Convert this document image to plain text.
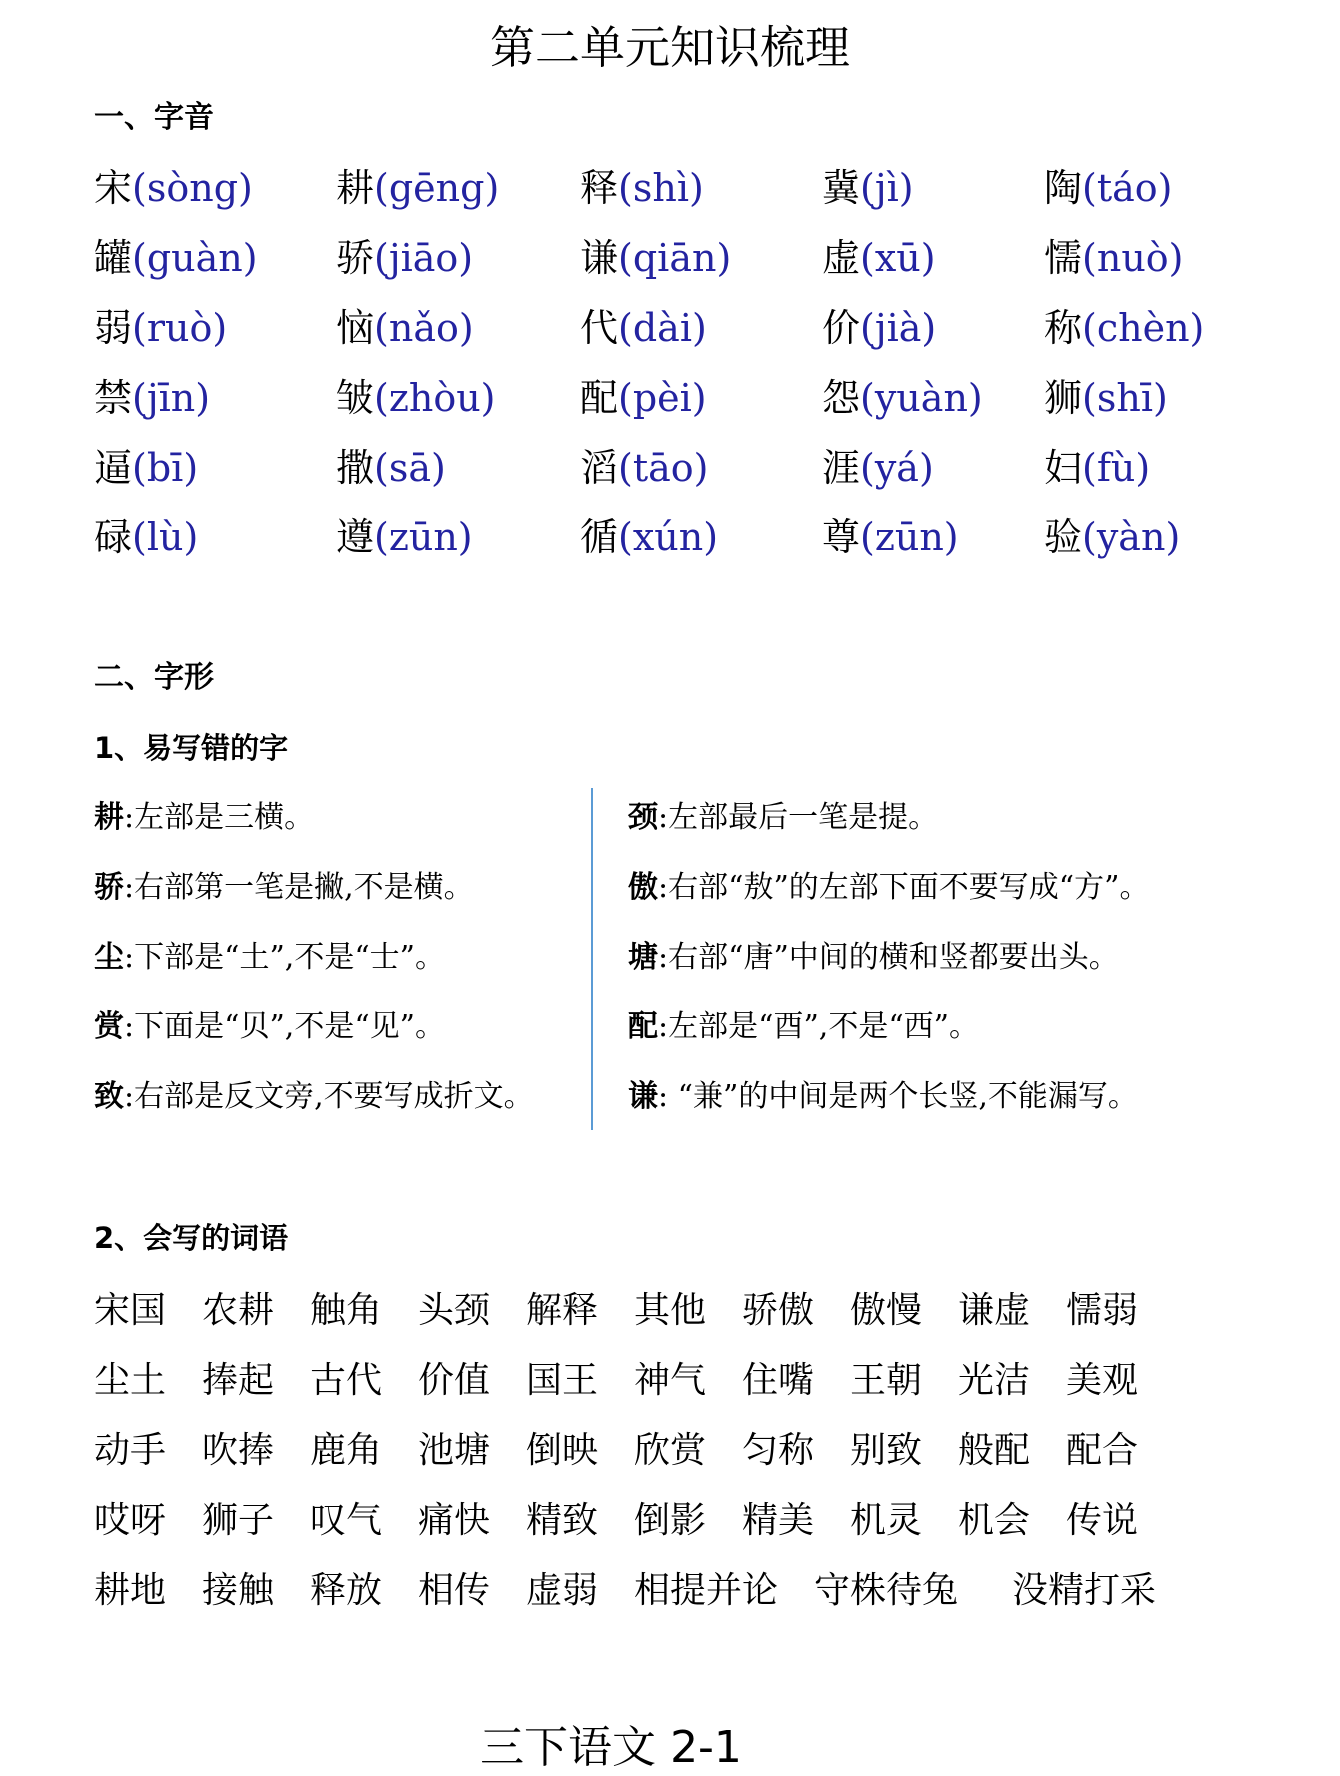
第二单元知识梳理
一、字音
宋(sòng) 耕(gēng) 释(shì)	冀(jì)	陶(táo)
罐(guàn) 骄(jiāo)	谦(qiān) 虚(xū)	懦(nuò)
弱(ruò)	恼(nǎo)	代(dài)	价(jià)	称(chèn)
禁(jīn)	皱(zhòu) 配(pèi)	怨(yuàn) 狮(shī)
逼(bī)	撒(sā)	滔(tāo)	涯(yá)	妇(fù)
碌(lù)	遵(zūn)	循(xún)	尊(zūn) 验(yàn)
二、字形
1、易写错的字
耕:左部是三横。
骄:右部第一笔是撇,不是横。
尘:下部是“土”,不是“士”。
赏:下面是“贝”,不是“见”。
致:右部是反文旁,不要写成折文。
颈:左部最后一笔是提。
傲:右部“敖”的左部下面不要写成“方”。
塘:右部“唐”中间的横和竖都要出头。
配:左部是“酉”,不是“西”。
谦: “兼”的中间是两个长竖,不能漏写。
2、会写的词语
宋国 农耕 触角 头颈 解释 其他 骄傲 傲慢 谦虚 懦弱
尘土 捧起 古代 价值 国王 神气 住嘴 王朝 光洁 美观
动手 吹捧 鹿角 池塘 倒映 欣赏 匀称 别致 般配 配合
哎呀 狮子 叹气 痛快 精致 倒影 精美 机灵 机会 传说
耕地 接触 释放 相传 虚弱 相提并论 守株待兔 没精打采
三下语文 2-1
